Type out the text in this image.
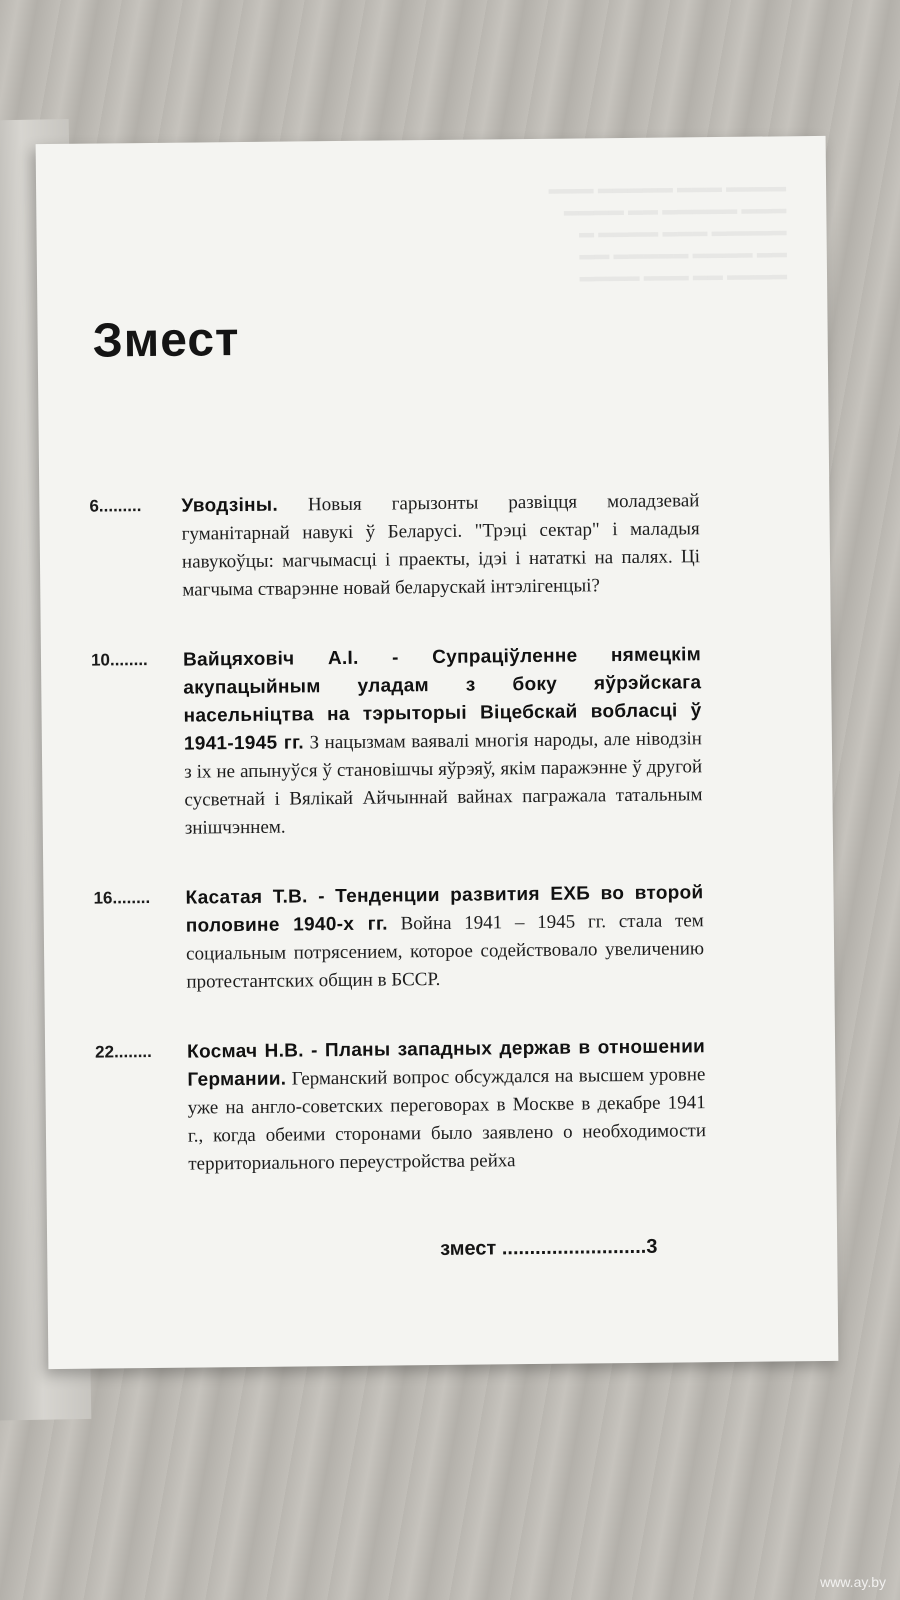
▬▬▬▬ ▬▬▬ ▬▬▬▬▬ ▬▬▬
▬▬▬ ▬▬▬▬▬ ▬▬ ▬▬▬▬
▬▬▬▬▬ ▬▬▬ ▬▬▬▬ ▬
▬▬ ▬▬▬▬ ▬▬▬▬▬ ▬▬
▬▬▬▬ ▬▬ ▬▬▬ ▬▬▬▬
Змест
6.........	Уводзіны. Новыя гарызонты развіцця моладзевай гуманітарнай навукі ў Беларусі. "Трэці сектар" і маладыя навукоўцы: магчымасці і праекты, ідэі і нататкі на палях. Ці магчыма стварэнне новай беларускай інтэлігенцыі?
10........	Вайцяховіч А.І. - Супраціўленне нямецкім акупацыйным уладам з боку яўрэйскага насельніцтва на тэрыторыі Віцебскай вобласці ў 1941-1945 гг. З нацызмам ваявалі многія народы, але ніводзін з іх не апынуўся ў становішчы яўрэяў, якім паражэнне ў другой сусветнай і Вялікай Айчыннай вайнах пагражала татальным знішчэннем.
16........	Касатая Т.В. - Тенденции развития ЕХБ во второй половине 1940-х гг. Война 1941 – 1945 гг. стала тем социальным потрясением, которое содействовало увеличению протестантских общин в БССР.
22........	Космач Н.В. - Планы западных держав в отношении Германии. Германский вопрос обсуждался на высшем уровне уже на англо-советских переговорах в Москве в декабре 1941 г., когда обеими сторонами было заявлено о необходимости территориального переустройства рейха
змест ..........................3
www.ay.by
